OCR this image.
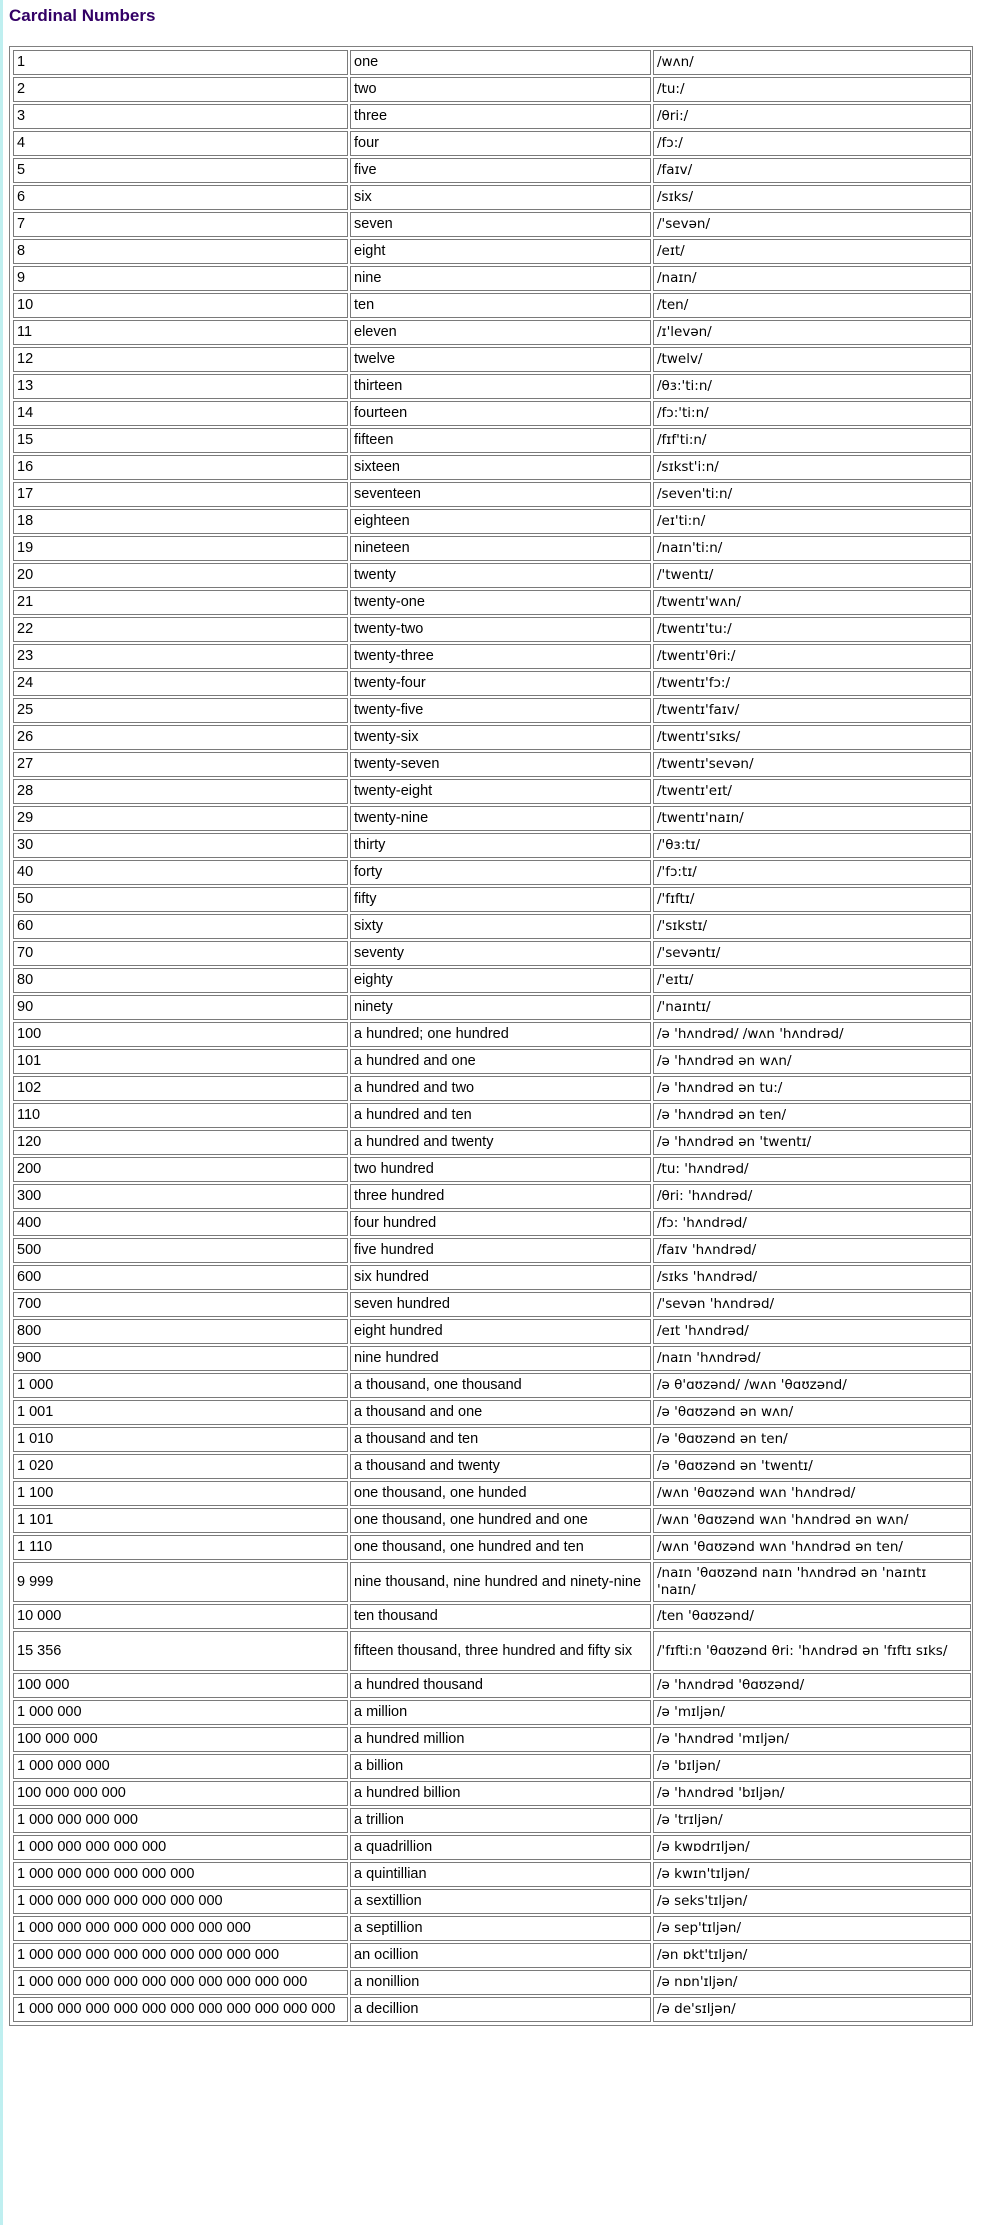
Cardinal Numbers
1	one	/wʌn/
2	two	/tu:/
3	three	/θri:/
4	four	/fɔ:/
5	five	/faɪv/
6	six	/sɪks/
7	seven	/'sevən/
8	eight	/eɪt/
9	nine	/naɪn/
10	ten	/ten/
11	eleven	/ɪ'levən/
12	twelve	/twelv/
13	thirteen	/θɜ:'ti:n/
14	fourteen	/fɔ:'ti:n/
15	fifteen	/fɪf'ti:n/
16	sixteen	/sɪkst'i:n/
17	seventeen	/seven'ti:n/
18	eighteen	/eɪ'ti:n/
19	nineteen	/naɪn'ti:n/
20	twenty	/'twentɪ/
21	twenty-one	/twentɪ'wʌn/
22	twenty-two	/twentɪ'tu:/
23	twenty-three	/twentɪ'θri:/
24	twenty-four	/twentɪ'fɔ:/
25	twenty-five	/twentɪ'faɪv/
26	twenty-six	/twentɪ'sɪks/
27	twenty-seven	/twentɪ'sevən/
28	twenty-eight	/twentɪ'eɪt/
29	twenty-nine	/twentɪ'naɪn/
30	thirty	/'θɜ:tɪ/
40	forty	/'fɔ:tɪ/
50	fifty	/'fɪftɪ/
60	sixty	/'sɪkstɪ/
70	seventy	/'sevəntɪ/
80	eighty	/'eɪtɪ/
90	ninety	/'naɪntɪ/
100	a hundred; one hundred	/ə 'hʌndrəd/ /wʌn 'hʌndrəd/
101	a hundred and one	/ə 'hʌndrəd ən wʌn/
102	a hundred and two	/ə 'hʌndrəd ən tu:/
110	a hundred and ten	/ə 'hʌndrəd ən ten/
120	a hundred and twenty	/ə 'hʌndrəd ən 'twentɪ/
200	two hundred	/tu: 'hʌndrəd/
300	three hundred	/θri: 'hʌndrəd/
400	four hundred	/fɔ: 'hʌndrəd/
500	five hundred	/faɪv 'hʌndrəd/
600	six hundred	/sɪks 'hʌndrəd/
700	seven hundred	/'sevən 'hʌndrəd/
800	eight hundred	/eɪt 'hʌndrəd/
900	nine hundred	/naɪn 'hʌndrəd/
1 000	a thousand, one thousand	/ə θ'ɑʊzənd/ /wʌn 'θɑʊzənd/
1 001	a thousand and one	/ə 'θɑʊzənd ən wʌn/
1 010	a thousand and ten	/ə 'θɑʊzənd ən ten/
1 020	a thousand and twenty	/ə 'θɑʊzənd ən 'twentɪ/
1 100	one thousand, one hunded	/wʌn 'θɑʊzənd wʌn 'hʌndrəd/
1 101	one thousand, one hundred and one	/wʌn 'θɑʊzənd wʌn 'hʌndrəd ən wʌn/
1 110	one thousand, one hundred and ten	/wʌn 'θɑʊzənd wʌn 'hʌndrəd ən ten/
9 999	nine thousand, nine hundred and ninety-nine	/naɪn 'θɑʊzənd naɪn 'hʌndrəd ən 'naɪntɪ 'naɪn/
10 000	ten thousand	/ten 'θɑʊzənd/
15 356	fifteen thousand, three hundred and fifty six	/'fɪfti:n 'θɑʊzənd θri: 'hʌndrəd ən 'fɪftɪ sɪks/
100 000	a hundred thousand	/ə 'hʌndrəd 'θɑʊzənd/
1 000 000	a million	/ə 'mɪljən/
100 000 000	a hundred million	/ə 'hʌndrəd 'mɪljən/
1 000 000 000	a billion	/ə 'bɪljən/
100 000 000 000	a hundred billion	/ə 'hʌndrəd 'bɪljən/
1 000 000 000 000	a trillion	/ə 'trɪljən/
1 000 000 000 000 000	a quadrillion	/ə kwɒdrɪljən/
1 000 000 000 000 000 000	a quintillian	/ə kwɪn'tɪljən/
1 000 000 000 000 000 000 000	a sextillion	/ə seks'tɪljən/
1 000 000 000 000 000 000 000 000	a septillion	/ə sep'tɪljən/
1 000 000 000 000 000 000 000 000 000	an ocillion	/ən ɒkt'tɪljən/
1 000 000 000 000 000 000 000 000 000 000	a nonillion	/ə nɒn'ɪljən/
1 000 000 000 000 000 000 000 000 000 000 000	a decillion	/ə de'sɪljən/
